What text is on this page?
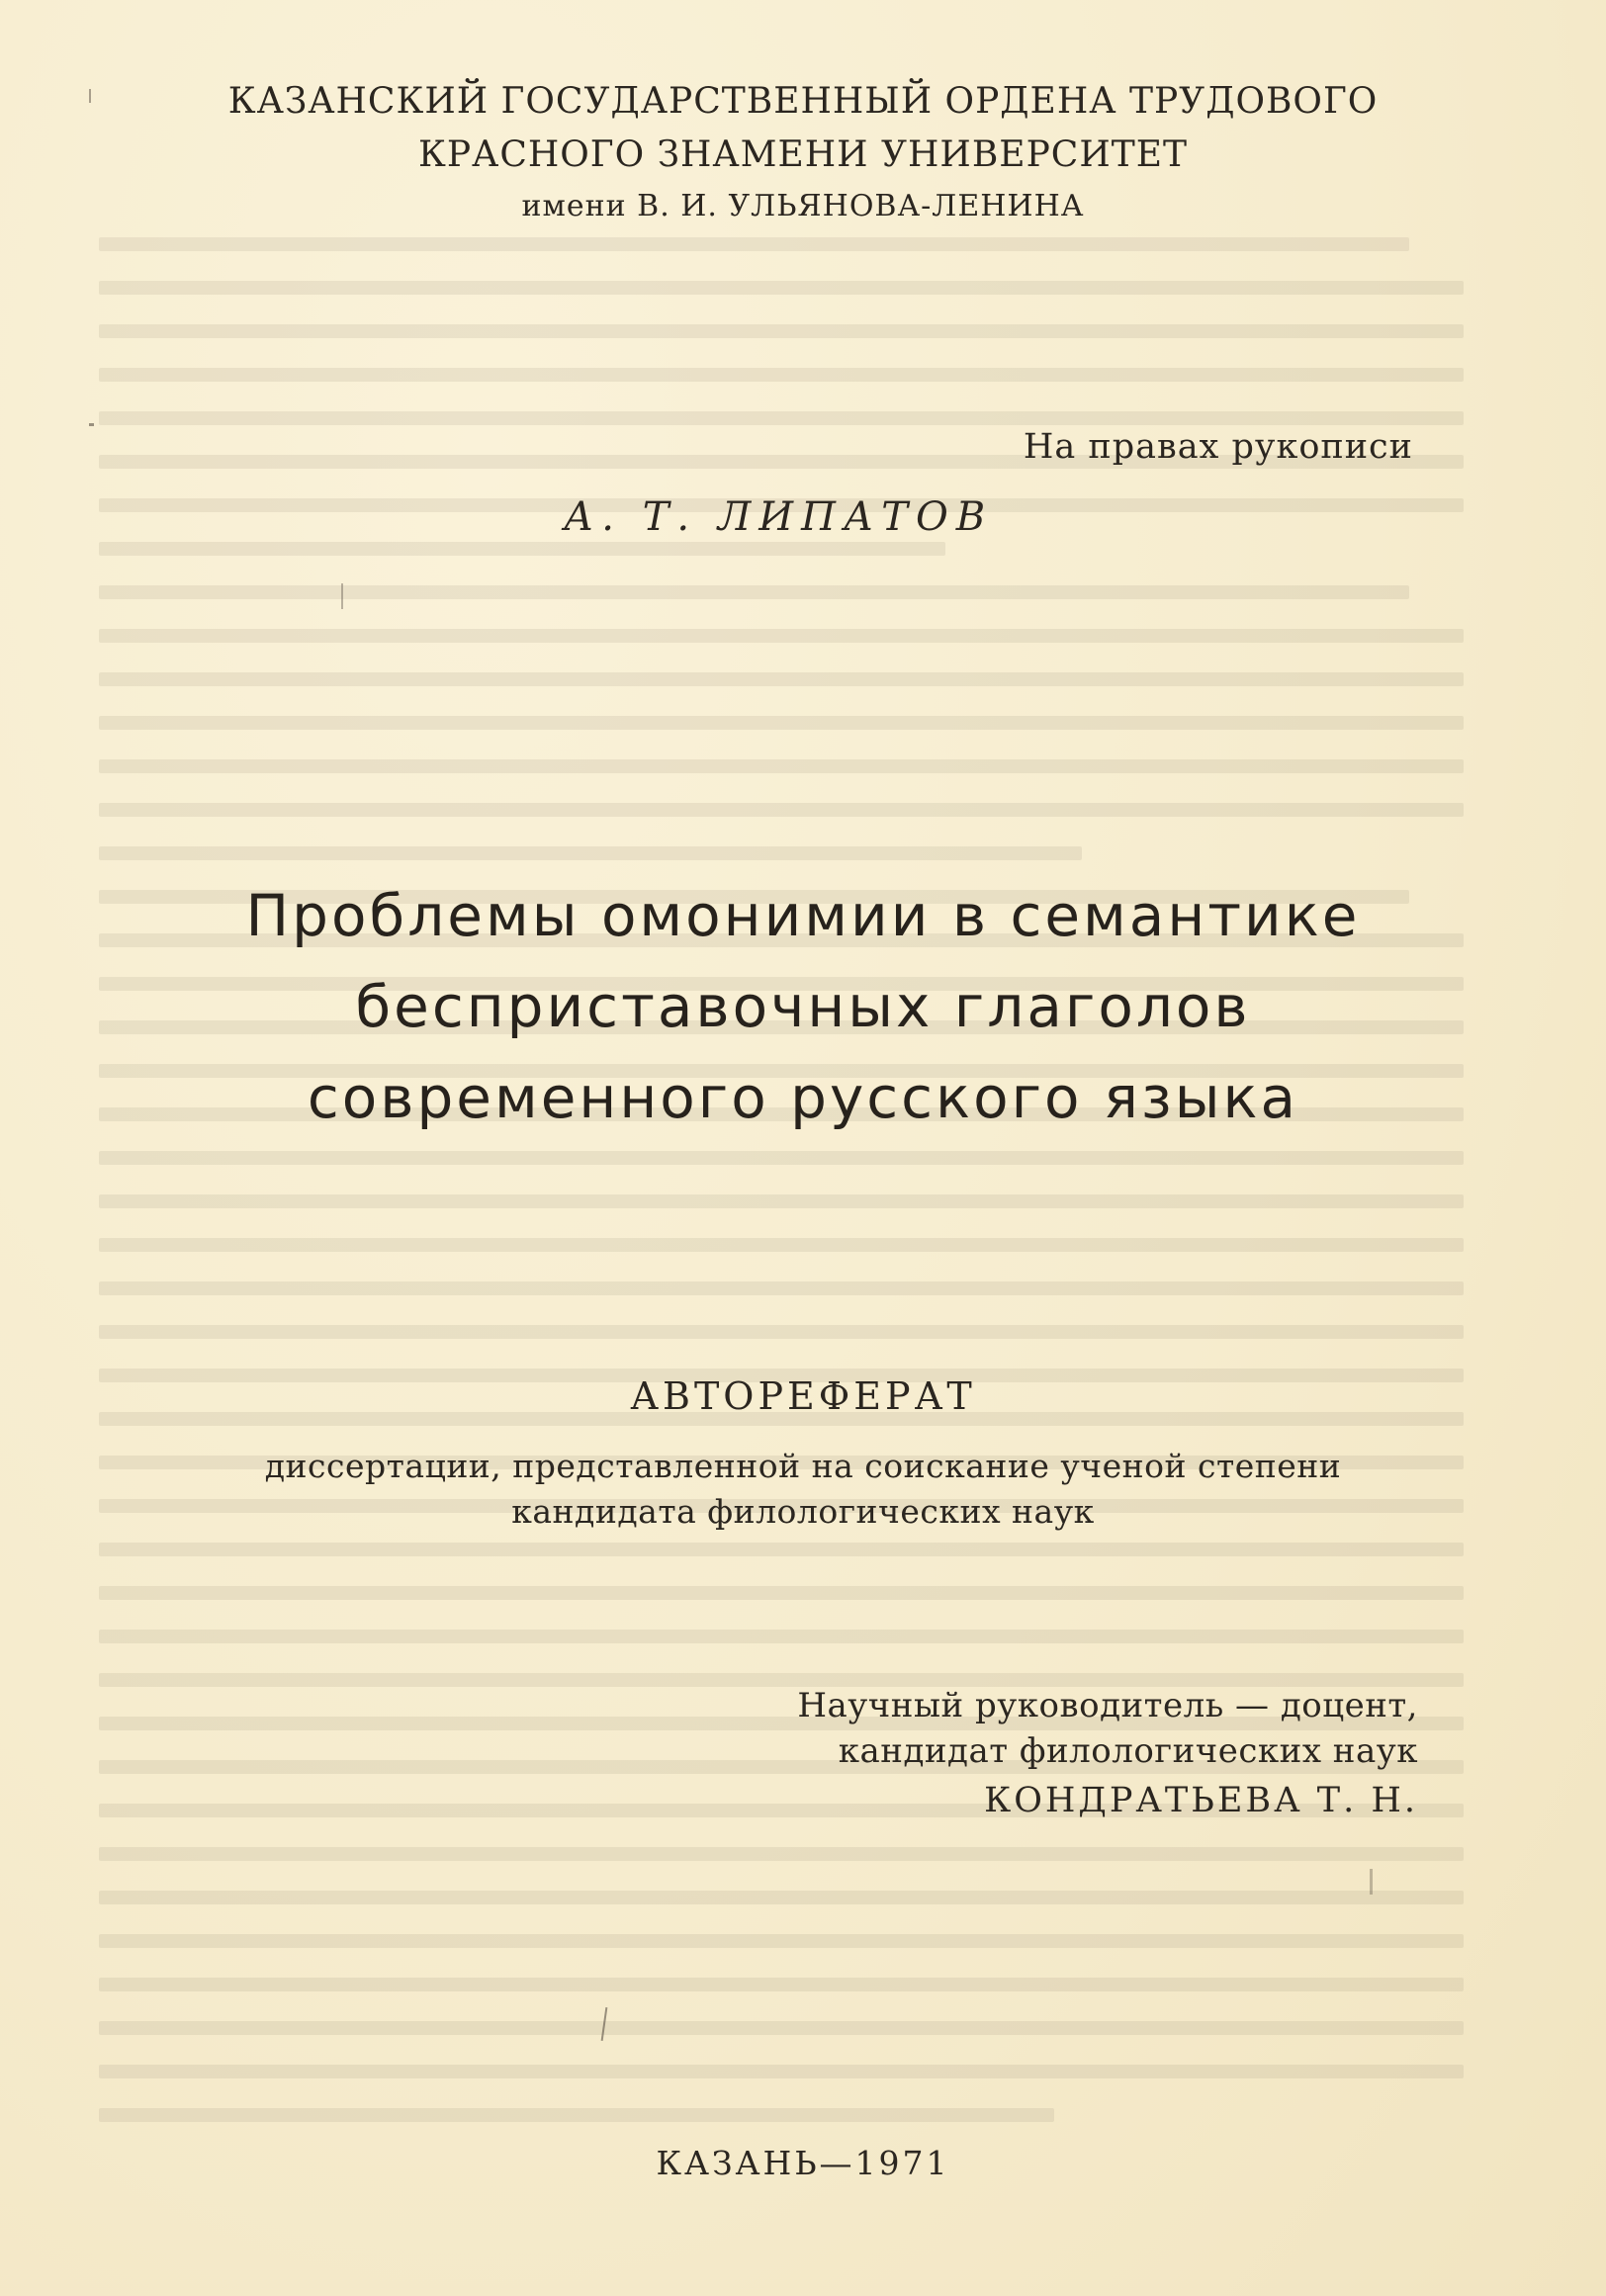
КАЗАНСКИЙ ГОСУДАРСТВЕННЫЙ ОРДЕНА ТРУДОВОГО
КРАСНОГО ЗНАМЕНИ УНИВЕРСИТЕТ
имени В. И. УЛЬЯНОВА-ЛЕНИНА
На правах рукописи
А. Т. ЛИПАТОВ
Проблемы омонимии в семантике
бесприставочных глаголов
современного русского языка
АВТОРЕФЕРАТ
диссертации, представленной на соискание ученой степени
кандидата филологических наук
Научный руководитель — доцент,
кандидат филологических наук
КОНДРАТЬЕВА Т. Н.
КАЗАНЬ—1971
